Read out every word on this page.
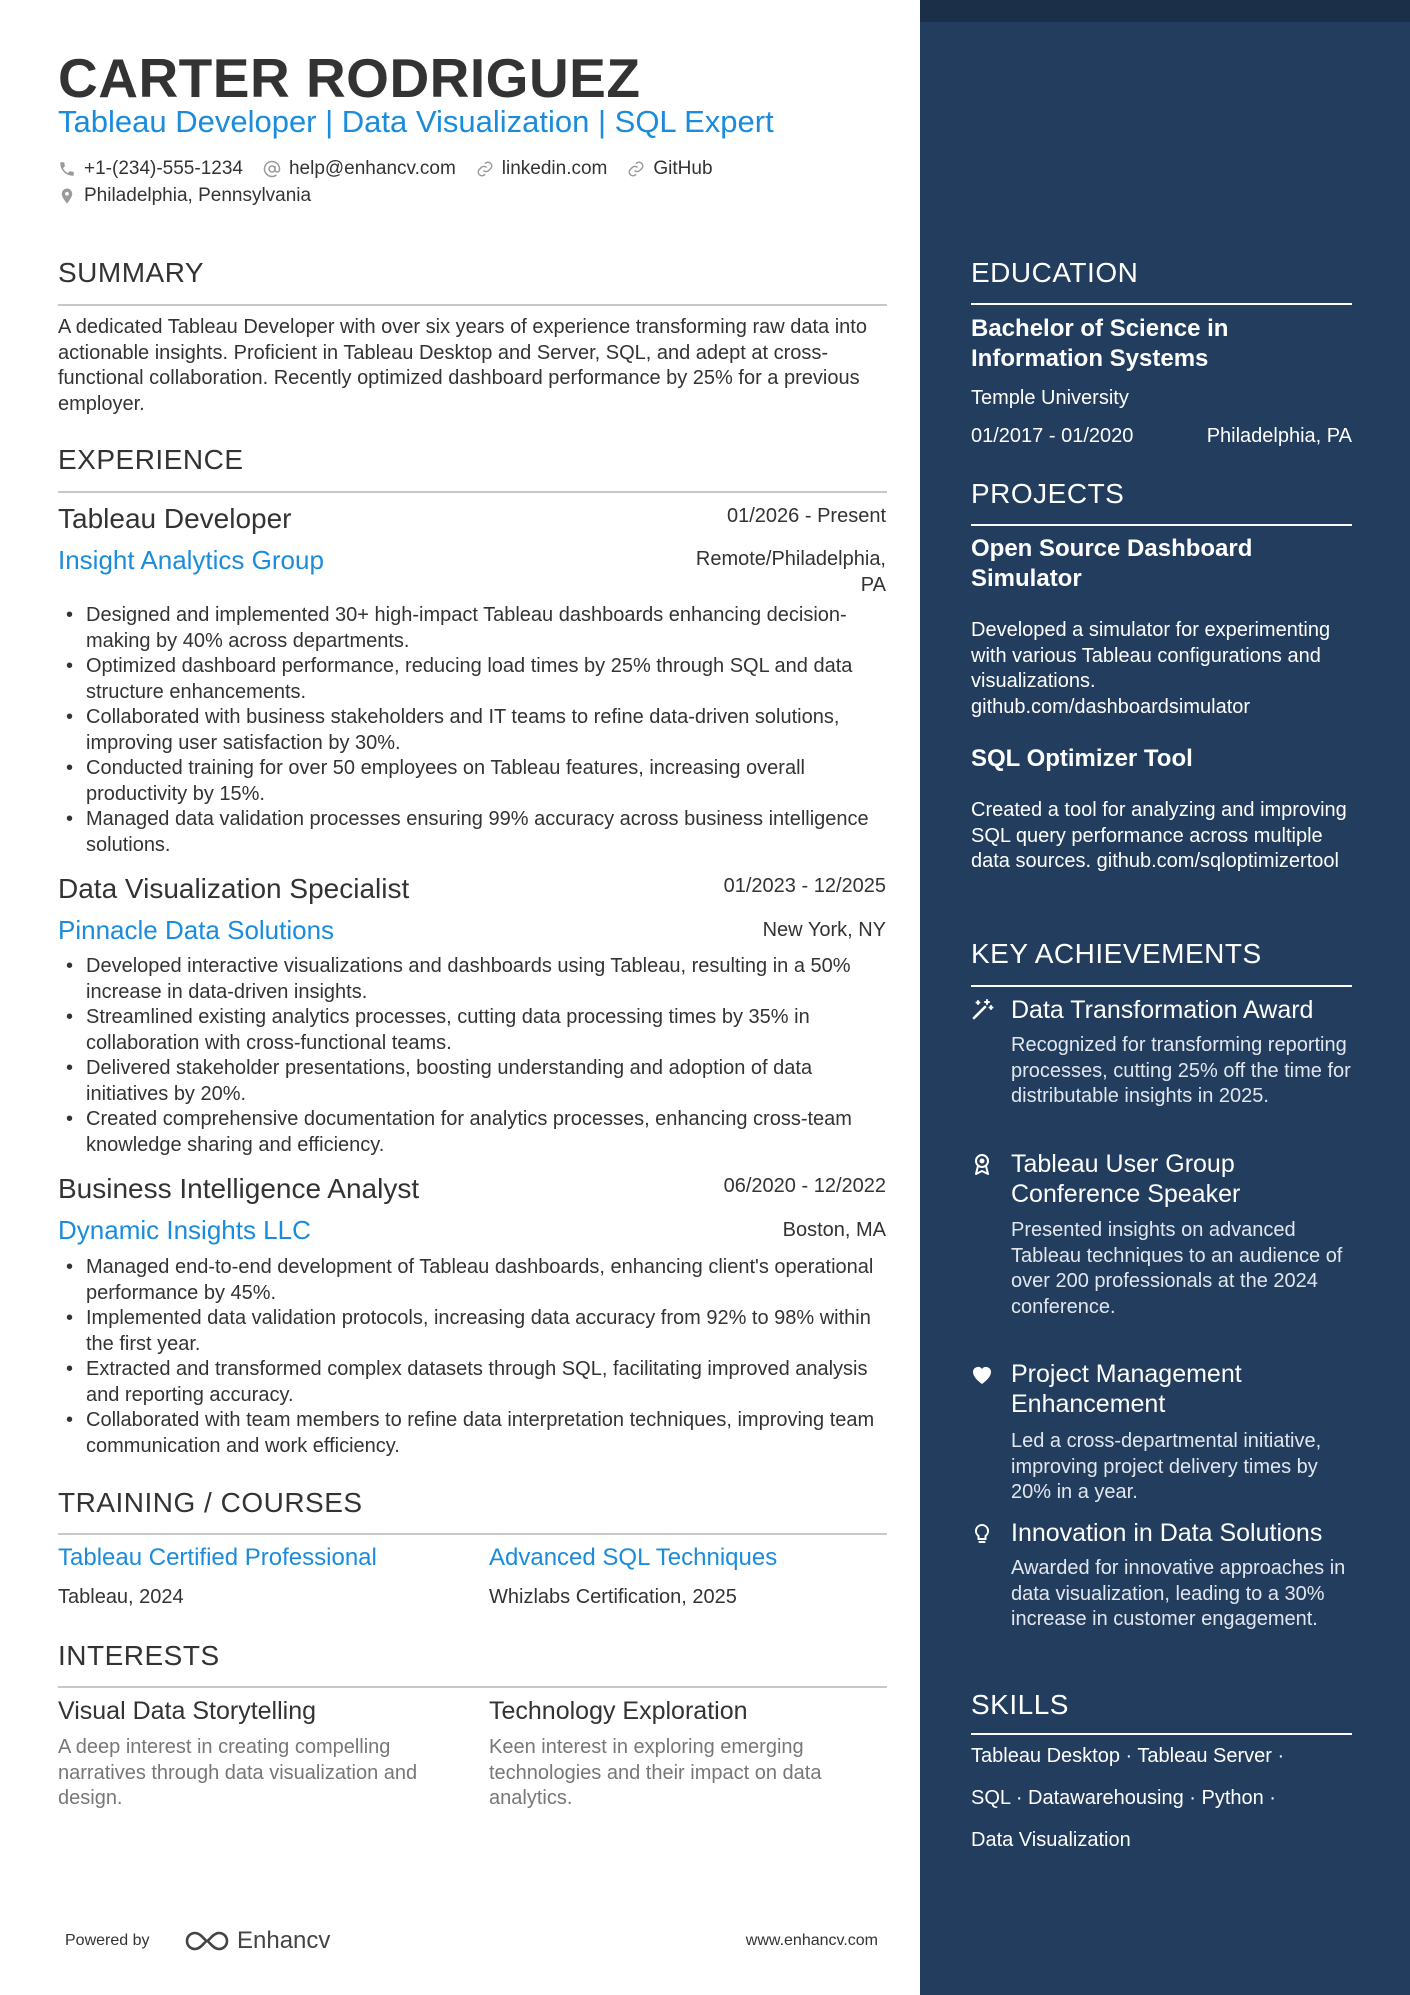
CARTER RODRIGUEZ
Tableau Developer | Data Visualization | SQL Expert
+1-(234)-555-1234 help@enhancv.com linkedin.com GitHub
Philadelphia, Pennsylvania
SUMMARY
A dedicated Tableau Developer with over six years of experience transforming raw data into actionable insights. Proficient in Tableau Desktop and Server, SQL, and adept at cross-functional collaboration. Recently optimized dashboard performance by 25% for a previous employer.
EXPERIENCE
Tableau Developer	01/2026 - Present
Insight Analytics Group	Remote/Philadelphia,
PA
• Designed and implemented 30+ high-impact Tableau dashboards enhancing decision-making by 40% across departments.
• Optimized dashboard performance, reducing load times by 25% through SQL and data structure enhancements.
• Collaborated with business stakeholders and IT teams to refine data-driven solutions, improving user satisfaction by 30%.
• Conducted training for over 50 employees on Tableau features, increasing overall productivity by 15%.
• Managed data validation processes ensuring 99% accuracy across business intelligence solutions.
Data Visualization Specialist	01/2023 - 12/2025
Pinnacle Data Solutions	New York, NY
• Developed interactive visualizations and dashboards using Tableau, resulting in a 50% increase in data-driven insights.
• Streamlined existing analytics processes, cutting data processing times by 35% in collaboration with cross-functional teams.
• Delivered stakeholder presentations, boosting understanding and adoption of data initiatives by 20%.
• Created comprehensive documentation for analytics processes, enhancing cross-team knowledge sharing and efficiency.
Business Intelligence Analyst	06/2020 - 12/2022
Dynamic Insights LLC	Boston, MA
• Managed end-to-end development of Tableau dashboards, enhancing client's operational performance by 45%.
• Implemented data validation protocols, increasing data accuracy from 92% to 98% within the first year.
• Extracted and transformed complex datasets through SQL, facilitating improved analysis and reporting accuracy.
• Collaborated with team members to refine data interpretation techniques, improving team communication and work efficiency.
TRAINING / COURSES
Tableau Certified Professional
Tableau, 2024
Advanced SQL Techniques
Whizlabs Certification, 2025
INTERESTS
Visual Data Storytelling
A deep interest in creating compelling narratives through data visualization and design.
Technology Exploration
Keen interest in exploring emerging technologies and their impact on data analytics.
Powered by	Enhancv	www.enhancv.com
EDUCATION
Bachelor of Science in Information Systems
Temple University
01/2017 - 01/2020	Philadelphia, PA
PROJECTS
Open Source Dashboard Simulator
Developed a simulator for experimenting with various Tableau configurations and visualizations. github.com/dashboardsimulator
SQL Optimizer Tool
Created a tool for analyzing and improving SQL query performance across multiple data sources. github.com/sqloptimizertool
KEY ACHIEVEMENTS
Data Transformation Award
Recognized for transforming reporting processes, cutting 25% off the time for distributable insights in 2025.
Tableau User Group Conference Speaker
Presented insights on advanced Tableau techniques to an audience of over 200 professionals at the 2024 conference.
Project Management Enhancement
Led a cross-departmental initiative, improving project delivery times by 20% in a year.
Innovation in Data Solutions
Awarded for innovative approaches in data visualization, leading to a 30% increase in customer engagement.
SKILLS
Tableau Desktop · Tableau Server ·
SQL · Datawarehousing · Python ·
Data Visualization
